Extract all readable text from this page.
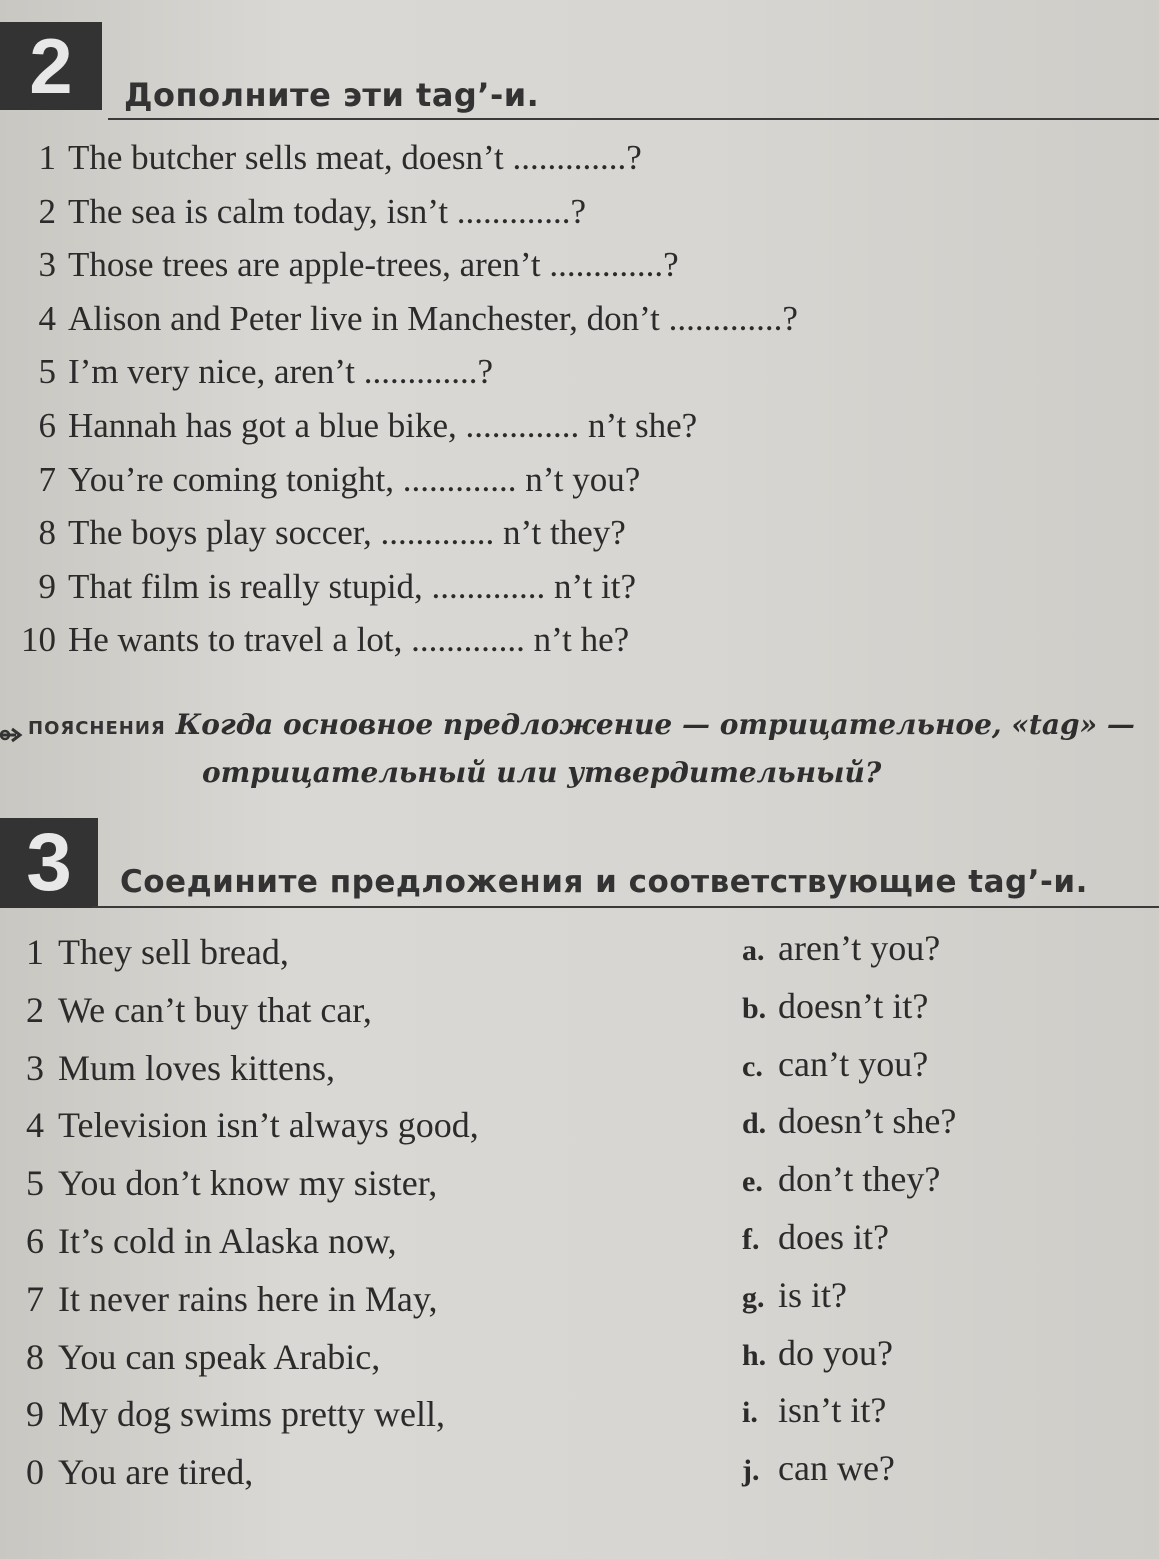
2	Дополните эти tag’-и.
1 The butcher sells meat, doesn’t .............?
2 The sea is calm today, isn’t .............?
3 Those trees are apple-trees, aren’t .............?
4 Alison and Peter live in Manchester, don’t .............?
5 I’m very nice, aren’t .............?
6 Hannah has got a blue bike, ............. n’t she?
7 You’re coming tonight, ............. n’t you?
8 The boys play soccer, ............. n’t they?
9 That film is really stupid, ............. n’t it?
10 He wants to travel a lot, ............. n’t he?
ПОЯСНЕНИЯ Когда основное предложение — отрицательное, «tag» —
отрицательный или утвердительный?
3	Соедините предложения и соответствующие tag’-и.
1 They sell bread,
2 We can’t buy that car,
3 Mum loves kittens,
4 Television isn’t always good,
5 You don’t know my sister,
6 It’s cold in Alaska now,
7 It never rains here in May,
8 You can speak Arabic,
9 My dog swims pretty well,
0 You are tired,
a. aren’t you?
b. doesn’t it?
c. can’t you?
d. doesn’t she?
e. don’t they?
f. does it?
g. is it?
h. do you?
i. isn’t it?
j. can we?
